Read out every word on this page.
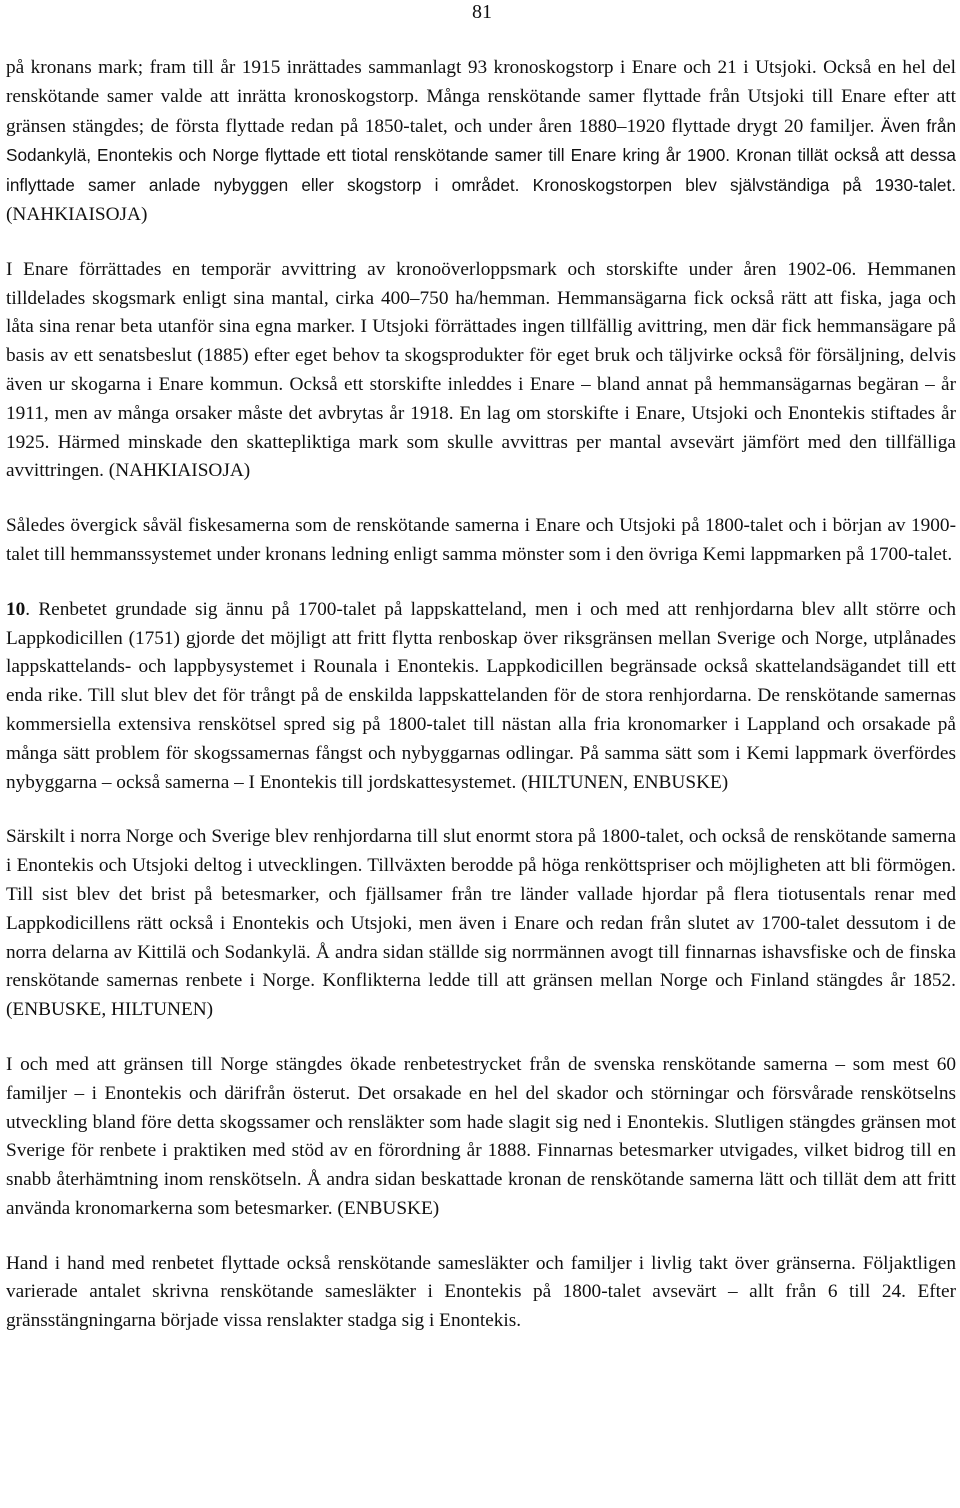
81

på kronans mark; fram till år 1915 inrättades sammanlagt 93 kronoskogstorp i Enare och 21 i Utsjoki. Också en hel del renskötande samer valde att inrätta kronoskogstorp. Många renskötande samer flyttade från Utsjoki till Enare efter att gränsen stängdes; de första flyttade redan på 1850-talet, och under åren 1880–1920 flyttade drygt 20 familjer. Även från Sodankylä, Enontekis och Norge flyttade ett tiotal renskötande samer till Enare kring år 1900. Kronan tillät också att dessa inflyttade samer anlade nybyggen eller skogstorp i området. Kronoskogstorpen blev självständiga på 1930-talet. (NAHKIAISOJA)

I Enare förrättades en temporär avvittring av kronoöverloppsmark och storskifte under åren 1902-06. Hemmanen tilldelades skogsmark enligt sina mantal, cirka 400–750 ha/hemman. Hemmansägarna fick också rätt att fiska, jaga och låta sina renar beta utanför sina egna marker. I Utsjoki förrättades ingen tillfällig avittring, men där fick hemmansägare på basis av ett senatsbeslut (1885) efter eget behov ta skogsprodukter för eget bruk och täljvirke också för försäljning, delvis även ur skogarna i Enare kommun. Också ett storskifte inleddes i Enare – bland annat på hemmansägarnas begäran – år 1911, men av många orsaker måste det avbrytas år 1918. En lag om storskifte i Enare, Utsjoki och Enontekis stiftades år 1925. Härmed minskade den skattepliktiga mark som skulle avvittras per mantal avsevärt jämfört med den tillfälliga avvittringen. (NAHKIAISOJA)

Således övergick såväl fiskesamerna som de renskötande samerna i Enare och Utsjoki på 1800-talet och i början av 1900-talet till hemmanssystemet under kronans ledning enligt samma mönster som i den övriga Kemi lappmarken på 1700-talet.

10. Renbetet grundade sig ännu på 1700-talet på lappskatteland, men i och med att renhjordarna blev allt större och Lappkodicillen (1751) gjorde det möjligt att fritt flytta renboskap över riksgränsen mellan Sverige och Norge, utplånades lappskattelands- och lappbysystemet i Rounala i Enontekis. Lappkodicillen begränsade också skattelandsägandet till ett enda rike. Till slut blev det för trångt på de enskilda lappskattelanden för de stora renhjordarna. De renskötande samernas kommersiella extensiva renskötsel spred sig på 1800-talet till nästan alla fria kronomarker i Lappland och orsakade på många sätt problem för skogssamernas fångst och nybyggarnas odlingar. På samma sätt som i Kemi lappmark överfördes nybyggarna – också samerna – I Enontekis till jordskattesystemet. (HILTUNEN, ENBUSKE)

Särskilt i norra Norge och Sverige blev renhjordarna till slut enormt stora på 1800-talet, och också de renskötande samerna i Enontekis och Utsjoki deltog i utvecklingen. Tillväxten berodde på höga renköttspriser och möjligheten att bli förmögen. Till sist blev det brist på betesmarker, och fjällsamer från tre länder vallade hjordar på flera tiotusentals renar med Lappkodicillens rätt också i Enontekis och Utsjoki, men även i Enare och redan från slutet av 1700-talet dessutom i de norra delarna av Kittilä och Sodankylä. Å andra sidan ställde sig norrmännen avogt till finnarnas ishavsfiske och de finska renskötande samernas renbete i Norge. Konflikterna ledde till att gränsen mellan Norge och Finland stängdes år 1852. (ENBUSKE, HILTUNEN)

I och med att gränsen till Norge stängdes ökade renbetestrycket från de svenska renskötande samerna – som mest 60 familjer – i Enontekis och därifrån österut. Det orsakade en hel del skador och störningar och försvårade renskötselns utveckling bland före detta skogssamer och rensläkter som hade slagit sig ned i Enontekis. Slutligen stängdes gränsen mot Sverige för renbete i praktiken med stöd av en förordning år 1888. Finnarnas betesmarker utvigades, vilket bidrog till en snabb återhämtning inom renskötseln. Å andra sidan beskattade kronan de renskötande samerna lätt och tillät dem att fritt använda kronomarkerna som betesmarker. (ENBUSKE)

Hand i hand med renbetet flyttade också renskötande samesläkter och familjer i livlig takt över gränserna. Följaktligen varierade antalet skrivna renskötande samesläkter i Enontekis på 1800-talet avsevärt – allt från 6 till 24. Efter gränsstängningarna började vissa renslakter stadga sig i Enontekis.
